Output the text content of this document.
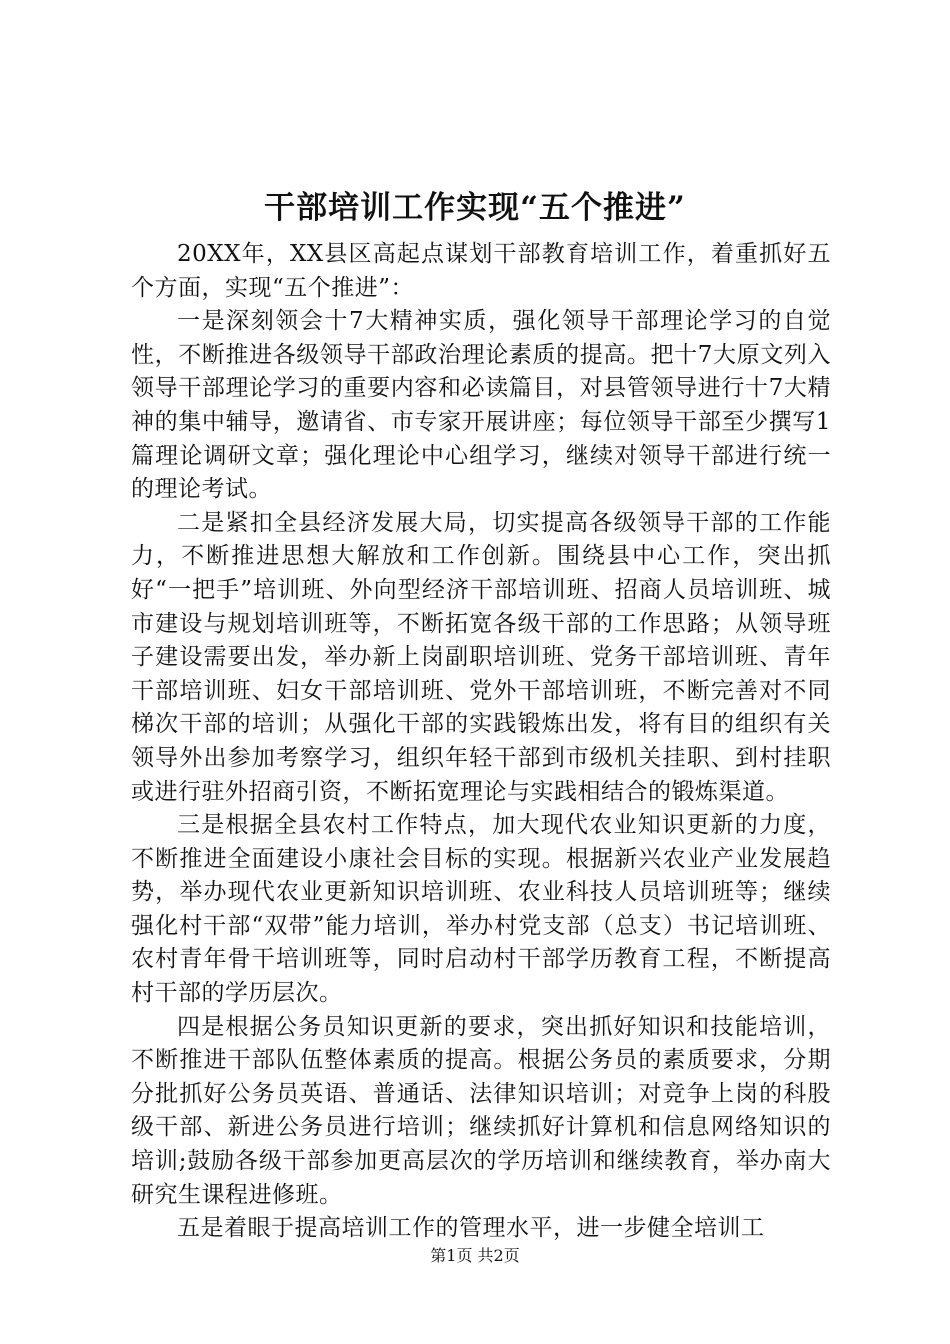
干部培训工作实现“五个推进”

20XX年，XX县区高起点谋划干部教育培训工作，着重抓好五个方面，实现“五个推进”：

一是深刻领会十7大精神实质，强化领导干部理论学习的自觉性，不断推进各级领导干部政治理论素质的提高。把十7大原文列入领导干部理论学习的重要内容和必读篇目，对县管领导进行十7大精神的集中辅导，邀请省、市专家开展讲座；每位领导干部至少撰写1篇理论调研文章；强化理论中心组学习，继续对领导干部进行统一的理论考试。

二是紧扣全县经济发展大局，切实提高各级领导干部的工作能力，不断推进思想大解放和工作创新。围绕县中心工作，突出抓好“一把手”培训班、外向型经济干部培训班、招商人员培训班、城市建设与规划培训班等，不断拓宽各级干部的工作思路；从领导班子建设需要出发，举办新上岗副职培训班、党务干部培训班、青年干部培训班、妇女干部培训班、党外干部培训班，不断完善对不同梯次干部的培训；从强化干部的实践锻炼出发，将有目的组织有关领导外出参加考察学习，组织年轻干部到市级机关挂职、到村挂职或进行驻外招商引资，不断拓宽理论与实践相结合的锻炼渠道。

三是根据全县农村工作特点，加大现代农业知识更新的力度，不断推进全面建设小康社会目标的实现。根据新兴农业产业发展趋势，举办现代农业更新知识培训班、农业科技人员培训班等；继续强化村干部“双带”能力培训，举办村党支部（总支）书记培训班、农村青年骨干培训班等，同时启动村干部学历教育工程，不断提高村干部的学历层次。

四是根据公务员知识更新的要求，突出抓好知识和技能培训，不断推进干部队伍整体素质的提高。根据公务员的素质要求，分期分批抓好公务员英语、普通话、法律知识培训；对竞争上岗的科股级干部、新进公务员进行培训；继续抓好计算机和信息网络知识的培训;鼓励各级干部参加更高层次的学历培训和继续教育，举办南大研究生课程进修班。

五是着眼于提高培训工作的管理水平，进一步健全培训工

第1页 共2页
